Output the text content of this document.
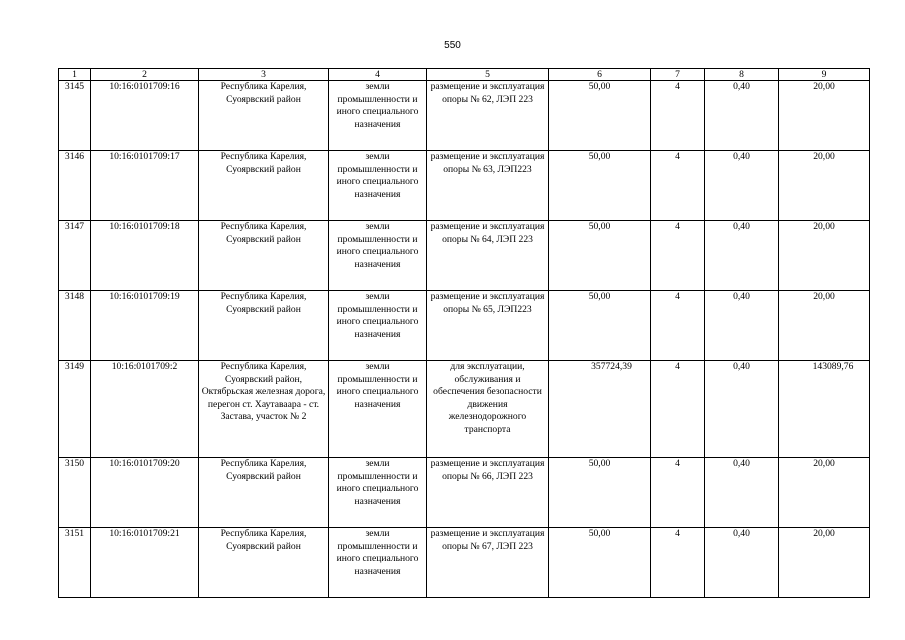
550
1	2	3	4	5	6	7	8	9
3145	10:16:0101709:16	Республика Карелия, Суоярвский район	земли промышленности и иного специального назначения	размещение и эксплуатация опоры № 62, ЛЭП 223	50,00	4	0,40	20,00
3146	10:16:0101709:17	Республика Карелия, Суоярвский район	земли промышленности и иного специального назначения	размещение и эксплуатация опоры № 63, ЛЭП223	50,00	4	0,40	20,00
3147	10:16:0101709:18	Республика Карелия, Суоярвский район	земли промышленности и иного специального назначения	размещение и эксплуатация опоры № 64, ЛЭП 223	50,00	4	0,40	20,00
3148	10:16:0101709:19	Республика Карелия, Суоярвский район	земли промышленности и иного специального назначения	размещение и эксплуатация опоры № 65, ЛЭП223	50,00	4	0,40	20,00
3149	10:16:0101709:2	Республика Карелия, Суоярвский район, Октябрьская железная дорога, перегон ст. Хаутаваара - ст. Застава, участок № 2	земли промышленности и иного специального назначения	для эксплуатации, обслуживания и обеспечения безопасности движения железнодорожного транспорта	357724,39	4	0,40	143089,76
3150	10:16:0101709:20	Республика Карелия, Суоярвский район	земли промышленности и иного специального назначения	размещение и эксплуатация опоры № 66, ЛЭП 223	50,00	4	0,40	20,00
3151	10:16:0101709:21	Республика Карелия, Суоярвский район	земли промышленности и иного специального назначения	размещение и эксплуатация опоры № 67, ЛЭП 223	50,00	4	0,40	20,00
